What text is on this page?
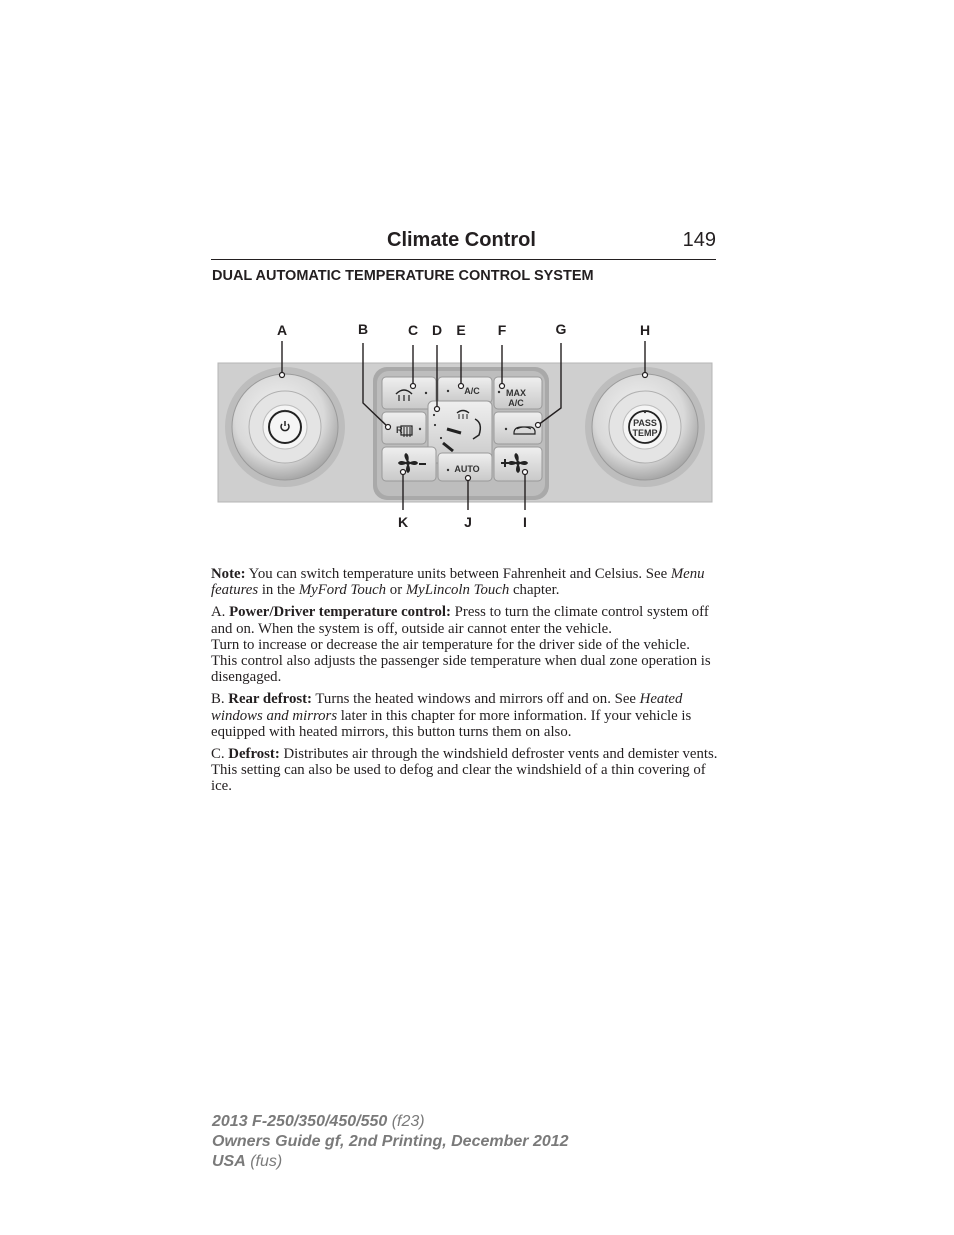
Climate Control	149
DUAL AUTOMATIC TEMPERATURE CONTROL SYSTEM
PASS
TEMP
A/C	MAX
A/C
R
AUTO
A	B	C D E F	G	H
K	J	I

Note: You can switch temperature units between Fahrenheit and Celsius. See Menu features in the MyFord Touch or MyLincoln Touch chapter.

A. Power/Driver temperature control: Press to turn the climate control system off and on. When the system is off, outside air cannot enter the vehicle.
Turn to increase or decrease the air temperature for the driver side of the vehicle.
This control also adjusts the passenger side temperature when dual zone operation is disengaged.

B. Rear defrost: Turns the heated windows and mirrors off and on. See Heated windows and mirrors later in this chapter for more information. If your vehicle is equipped with heated mirrors, this button turns them on also.

C. Defrost: Distributes air through the windshield defroster vents and demister vents. This setting can also be used to defog and clear the windshield of a thin covering of ice.

2013 F-250/350/450/550 (f23)
Owners Guide gf, 2nd Printing, December 2012
USA (fus)
